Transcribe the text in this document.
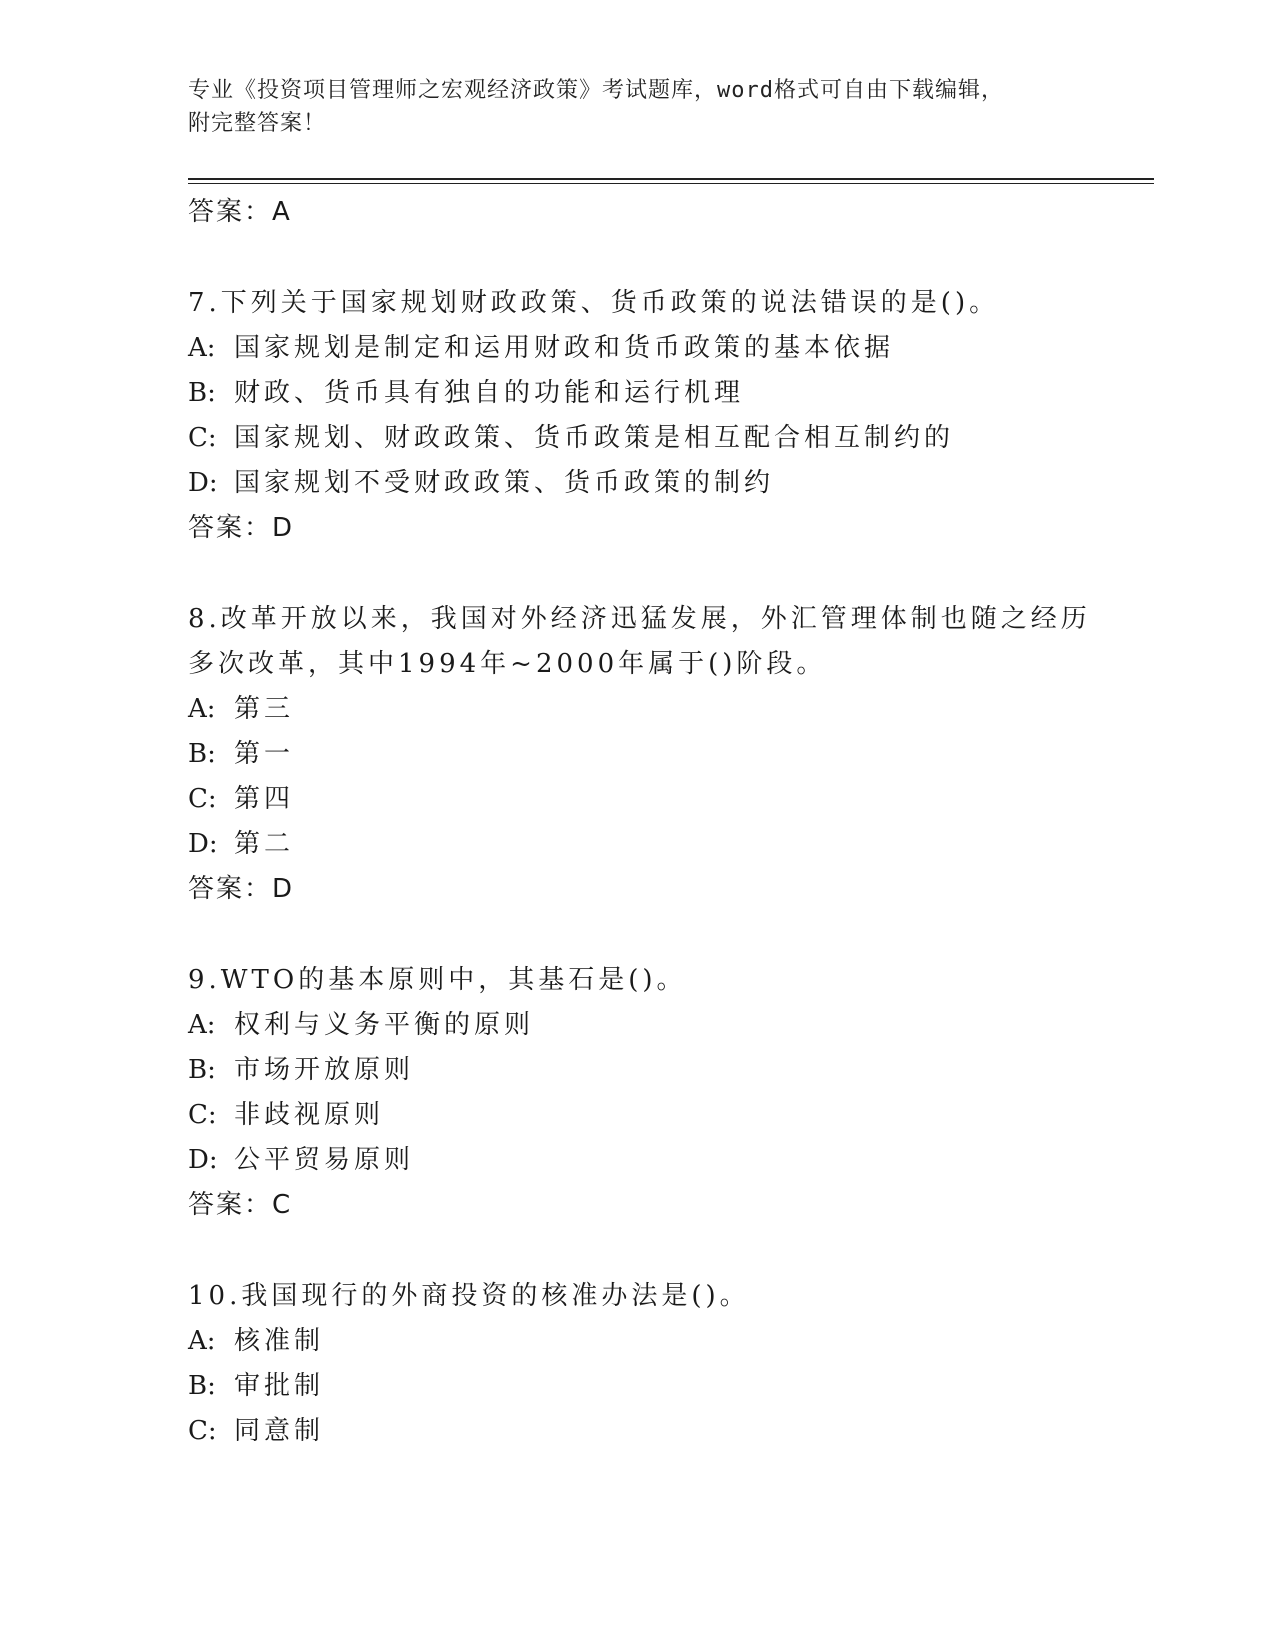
专业《投资项目管理师之宏观经济政策》考试题库，word格式可自由下载编辑，
附完整答案！
答案：A
7.下列关于国家规划财政政策、货币政策的说法错误的是()。
A: 国家规划是制定和运用财政和货币政策的基本依据
B: 财政、货币具有独自的功能和运行机理
C: 国家规划、财政政策、货币政策是相互配合相互制约的
D: 国家规划不受财政政策、货币政策的制约
答案：D
8.改革开放以来，我国对外经济迅猛发展，外汇管理体制也随之经历
多次改革，其中1994年~2000年属于()阶段。
A: 第三
B: 第一
C: 第四
D: 第二
答案：D
9.WTO的基本原则中，其基石是()。
A: 权利与义务平衡的原则
B: 市场开放原则
C: 非歧视原则
D: 公平贸易原则
答案：C
10.我国现行的外商投资的核准办法是()。
A: 核准制
B: 审批制
C: 同意制
